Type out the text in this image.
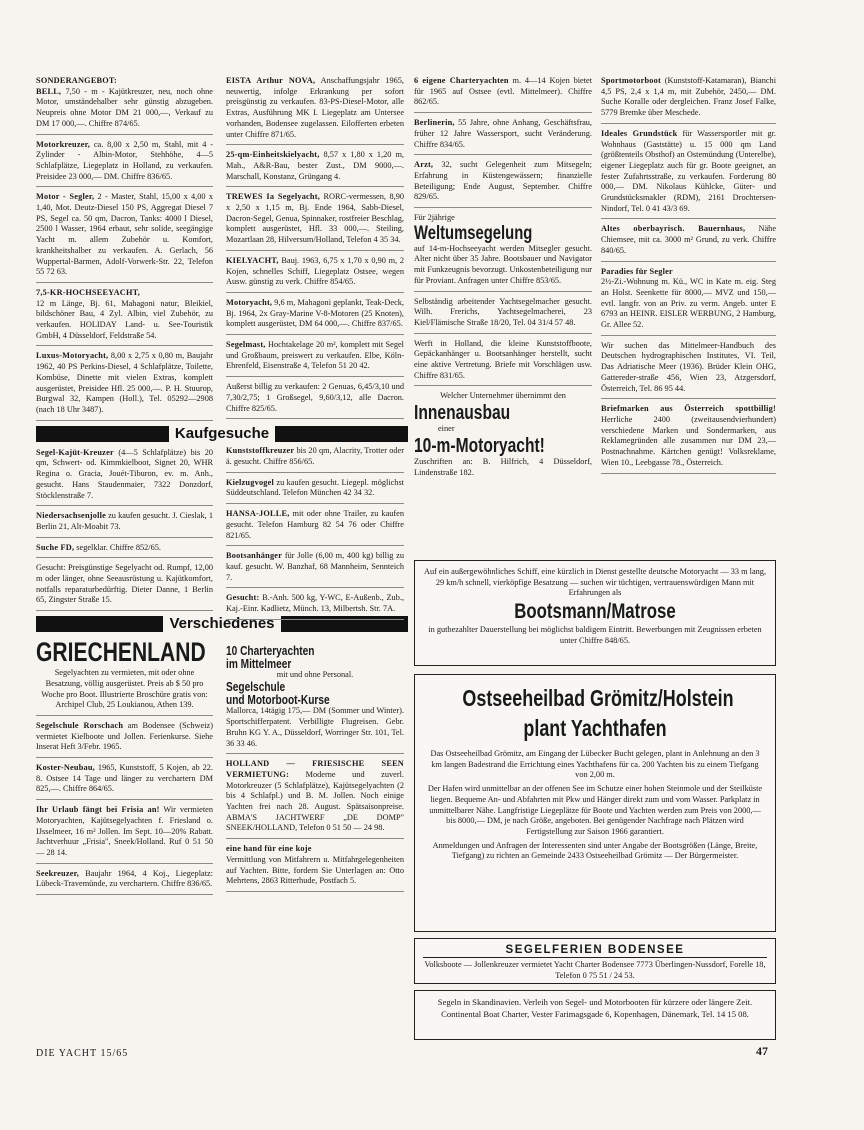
SONDERANGEBOT:
BELL, 7,50 - m - Kajütkreuzer, neu, noch ohne Motor, umständehalber sehr günstig abzugeben. Neupreis ohne Motor DM 21 000,—, Verkauf zu DM 17 000,—. Chiffre 874/65.
Motorkreuzer, ca. 8,00 x 2,50 m, Stahl, mit 4 - Zylinder - Albin-Motor, Stehhöhe, 4—5 Schlafplätze, Liegeplatz in Holland, zu verkaufen. Preisidee 23 000,— DM. Chiffre 836/65.
Motor - Segler, 2 - Master, Stahl, 15,00 x 4,00 x 1,40, Mot. Deutz-Diesel 150 PS, Aggregat Diesel 7 PS, Segel ca. 50 qm, Dacron, Tanks: 4000 l Diesel, 2500 l Wasser, 1964 erbaut, sehr solide, seegängige Yacht m. allem Zubehör u. Komfort, krankheitshalber zu verkaufen. A. Gerlach, 56 Wuppertal-Barmen, Adolf-Vorwerk-Str. 22, Telefon 55 72 63.
7,5-KR-HOCHSEEYACHT,
12 m Länge, Bj. 61, Mahagoni natur, Bleikiel, bildschöner Bau, 4 Zyl. Albin, viel Zubehör, zu verkaufen. HOLIDAY Land- u. See-Touristik GmbH, 4 Düsseldorf, Feldstraße 54.
Luxus-Motoryacht, 8,00 x 2,75 x 0,80 m, Baujahr 1962, 40 PS Perkins-Diesel, 4 Schlafplätze, Toilette, Kombüse, Dinette mit vielen Extras, komplett ausgerüstet, Preisidee Hfl. 25 000,—. P. H. Stuurop, Burgwal 32, Kampen (Holl.), Tel. 05292—2908 (nach 18 Uhr 3487).
Kaufgesuche
Segel-Kajüt-Kreuzer (4—5 Schlafplätze) bis 20 qm, Schwert- od. Kimmkielboot, Signet 20, WHR Regina o. Gracia, Jouét-Tiburon, ev. m. Anh., gesucht. Hans Staudenmaier, 7322 Donzdorf, Stöcklenstraße 7.
Niedersachsenjolle zu kaufen gesucht. J. Cieslak, 1 Berlin 21, Alt-Moabit 73.
Suche FD, segelklar. Chiffre 852/65.
Gesucht: Preisgünstige Segelyacht od. Rumpf, 12,00 m oder länger, ohne Seeausrüstung u. Kajütkomfort, notfalls reparaturbedürftig. Dieter Danne, 1 Berlin 65, Zingster Straße 15.
Verschiedenes
GRIECHENLAND
Segelyachten zu vermieten, mit oder ohne Besatzung, völlig ausgerüstet. Preis ab $ 50 pro Woche pro Boot. Illustrierte Broschüre gratis von: Archipel Club, 25 Loukianou, Athen 139.
Segelschule Rorschach am Bodensee (Schweiz) vermietet Kielboote und Jollen. Ferienkurse. Siehe Inserat Heft 3/Febr. 1965.
Koster-Neubau, 1965, Kunststoff, 5 Kojen, ab 22. 8. Ostsee 14 Tage und länger zu verchartern DM 825,—. Chiffre 864/65.
Ihr Urlaub fängt bei Frisia an! Wir vermieten Motoryachten, Kajütsegelyachten f. Friesland o. IJsselmeer, 16 m² Jollen. Im Sept. 10—20% Rabatt. Jachtverhuur „Frisia", Sneek/Holland. Ruf 0 51 50 — 28 14.
Seekreuzer, Baujahr 1964, 4 Koj., Liegeplatz: Lübeck-Travemünde, zu verchartern. Chiffre 836/65.
EISTA Arthur NOVA, Anschaffungsjahr 1965, neuwertig, infolge Erkrankung per sofort preisgünstig zu verkaufen. 83-PS-Diesel-Motor, alle Extras, Ausführung MK I. Liegeplatz am Untersee vorhanden, Bodensee zugelassen. Eilofferten erbeten unter Chiffre 871/65.
25-qm-Einheitskielyacht, 8,57 x 1,80 x 1,20 m, Mah., A&R-Bau, bester Zust., DM 9000,—. Marschall, Konstanz, Grüngang 4.
TREWES Ia Segelyacht, RORC-vermessen, 8,90 x 2,50 x 1,15 m, Bj. Ende 1964, Sabb-Diesel, Dacron-Segel, Genua, Spinnaker, rostfreier Beschlag, komplett ausgerüstet, Hfl. 33 000,—. Steiling, Mozartlaan 28, Hilversum/Holland, Telefon 4 35 34.
KIELYACHT, Bauj. 1963, 6,75 x 1,70 x 0,90 m, 2 Kojen, schnelles Schiff, Liegeplatz Ostsee, wegen Ausw. günstig zu verk. Chiffre 854/65.
Motoryacht, 9,6 m, Mahagoni geplankt, Teak-Deck, Bj. 1964, 2x Gray-Marine V-8-Motoren (25 Knoten), komplett ausgerüstet, DM 64 000,—. Chiffre 837/65.
Segelmast, Hochtakelage 20 m², komplett mit Segel und Großbaum, preiswert zu verkaufen. Elbe, Köln-Ehrenfeld, Eisenstraße 4, Telefon 51 20 42.
Außerst billig zu verkaufen: 2 Genuas, 6,45/3,10 und 7,30/2,75; 1 Großsegel, 9,60/3,12, alle Dacron. Chiffre 825/65.
Kunststoffkreuzer bis 20 qm, Alacrity, Trotter oder ä. gesucht. Chiffre 856/65.
Kielzugvogel zu kaufen gesucht. Liegepl. möglichst Süddeutschland. Telefon München 42 34 32.
HANSA-JOLLE, mit oder ohne Trailer, zu kaufen gesucht. Telefon Hamburg 82 54 76 oder Chiffre 821/65.
Bootsanhänger für Jolle (6,00 m, 400 kg) billig zu kauf. gesucht. W. Banzhaf, 68 Mannheim, Sennteich 7.
Gesucht: B.-Anh. 500 kg, Y-WC, E-Außenb., Zub., Kaj.-Einr. Kadlietz, Münch. 13, Milbertsh. Str. 7A.
10 Charteryachten
im Mittelmeer
mit und ohne Personal.
Segelschule
und Motorboot-Kurse
Mallorca, 14tägig 175,— DM (Sommer und Winter). Sportschifferpatent. Verbilligte Flugreisen. Gebr. Bruhn KG Y. A., Düsseldorf, Worringer Str. 101, Tel. 36 33 46.
HOLLAND — FRIESISCHE SEEN VERMIETUNG: Moderne und zuverl. Motorkreuzer (5 Schlafplätze), Kajütsegelyachten (2 bis 4 Schlafpl.) und B. M. Jollen. Noch einige Yachten frei nach 28. August. Spätsaisonpreise. ABMA'S JACHTWERF „DE DOMP" SNEEK/HOLLAND, Telefon 0 51 50 — 24 98.
eine hand für eine koje
Vermittlung von Mitfahrern u. Mitfahrgelegenheiten auf Yachten. Bitte, fordern Sie Unterlagen an: Otto Mehrtens, 2863 Ritterhude, Postfach 5.
6 eigene Charteryachten m. 4—14 Kojen bietet für 1965 auf Ostsee (evtl. Mittelmeer). Chiffre 862/65.
Berlinerin, 55 Jahre, ohne Anhang, Geschäftsfrau, früher 12 Jahre Wassersport, sucht Veränderung. Chiffre 834/65.
Arzt, 32, sucht Gelegenheit zum Mitsegeln; Erfahrung in Küstengewässern; finanzielle Beteiligung; Ende August, September. Chiffre 829/65.
Für 2jährige
Weltumsegelung
auf 14-m-Hochseeyacht werden Mitsegler gesucht. Alter nicht über 35 Jahre. Bootsbauer und Navigator mit Funkzeugnis bevorzugt. Unkostenbeteiligung nur für Proviant. Anfragen unter Chiffre 853/65.
Selbständig arbeitender Yachtsegelmacher gesucht. Wilh. Frerichs, Yachtsegelmacherei, 23 Kiel/Flämische Straße 18/20, Tel. 04 31/4 57 48.
Werft in Holland, die kleine Kunststoffboote, Gepäckanhänger u. Bootsanhänger herstellt, sucht eine aktive Vertretung. Briefe mit Vorschlägen usw. Chiffre 831/65.
Welcher Unternehmer übernimmt den
Innenausbau
einer
10-m-Motoryacht!
Zuschriften an: B. Hilfrich, 4 Düsseldorf, Lindenstraße 182.
Sportmotorboot (Kunststoff-Katamaran), Bianchi 4,5 PS, 2,4 x 1,4 m, mit Zubehör, 2450,— DM. Suche Koralle oder dergleichen. Franz Josef Falke, 5779 Bremke über Meschede.
Ideales Grundstück für Wassersportler mit gr. Wohnhaus (Gaststätte) u. 15 000 qm Land (größtenteils Obsthof) an Ostemündung (Unterelbe), eigener Liegeplatz auch für gr. Boote geeignet, an fester Zufahrtsstraße, zu verkaufen. Forderung 80 000,— DM. Nikolaus Kühlcke, Güter- und Grundstücksmakler (RDM), 2161 Drochtersen-Nindorf, Tel. 0 41 43/3 69.
Altes oberbayrisch. Bauernhaus, Nähe Chiemsee, mit ca. 3000 m² Grund, zu verk. Chiffre 840/65.
Paradies für Segler
2½-Zi.-Wohnung m. Kü., WC in Kate m. eig. Steg an Holst. Seenkette für 8000,— MVZ und 150,— evtl. langfr. von an Priv. zu verm. Angeb. unter E 6793 an HEINR. EISLER WERBUNG, 2 Hamburg, Gr. Allee 52.
Wir suchen das Mittelmeer-Handbuch des Deutschen hydrographischen Institutes, VI. Teil, Das Adriatische Meer (1936). Brüder Klein OHG, Gattereder-straße 456, Wien 23, Atzgersdorf, Österreich, Tel. 86 95 44.
Briefmarken aus Österreich spottbillig! Herrliche 2400 (zweitausendvierhundert) verschiedene Marken und Sondermarken, aus Reklamegründen alle zusammen nur DM 23,— Postnachnahme. Kärtchen genügt! Volksreklame, Wien 10., Leebgasse 78., Österreich.
Auf ein außergewöhnliches Schiff, eine kürzlich in Dienst gestellte deutsche Motoryacht — 33 m lang, 29 km/h schnell, vierköpfige Besatzung — suchen wir tüchtigen, vertrauenswürdigen Mann mit Erfahrungen als
Bootsmann/Matrose
in gutbezahlter Dauerstellung bei möglichst baldigem Eintritt. Bewerbungen mit Zeugnissen erbeten unter Chiffre 848/65.
Ostseeheilbad Grömitz/Holstein
plant Yachthafen
Das Ostseeheilbad Grömitz, am Eingang der Lübecker Bucht gelegen, plant in Anlehnung an den 3 km langen Badestrand die Errichtung eines Yachthafens für ca. 200 Yachten bis zu einem Tiefgang von 2,00 m.
Der Hafen wird unmittelbar an der offenen See im Schutze einer hohen Steinmole und der Steilküste liegen. Bequeme An- und Abfahrten mit Pkw und Hänger direkt zum und vom Wasser. Parkplatz in unmittelbarer Nähe. Langfristige Liegeplätze für Boote und Yachten werden zum Preis von 2000,— bis 8000,— DM, je nach Größe, angeboten. Bei genügender Nachfrage nach Plätzen wird Fertigstellung zur Saison 1966 garantiert.
Anmeldungen und Anfragen der Interessenten sind unter Angabe der Bootsgrößen (Länge, Breite, Tiefgang) zu richten an Gemeinde 2433 Ostseeheilbad Grömitz — Der Bürgermeister.
SEGELFERIEN BODENSEE
Volksboote — Jollenkreuzer vermietet Yacht Charter Bodensee 7773 Überlingen-Nussdorf, Forelle 18, Telefon 0 75 51 / 24 53.
Segeln in Skandinavien. Verleih von Segel- und Motorbooten für kürzere oder längere Zeit. Continental Boat Charter, Vester Farimagsgade 6, Kopenhagen, Dänemark, Tel. 14 15 08.
DIE YACHT 15/65	47
